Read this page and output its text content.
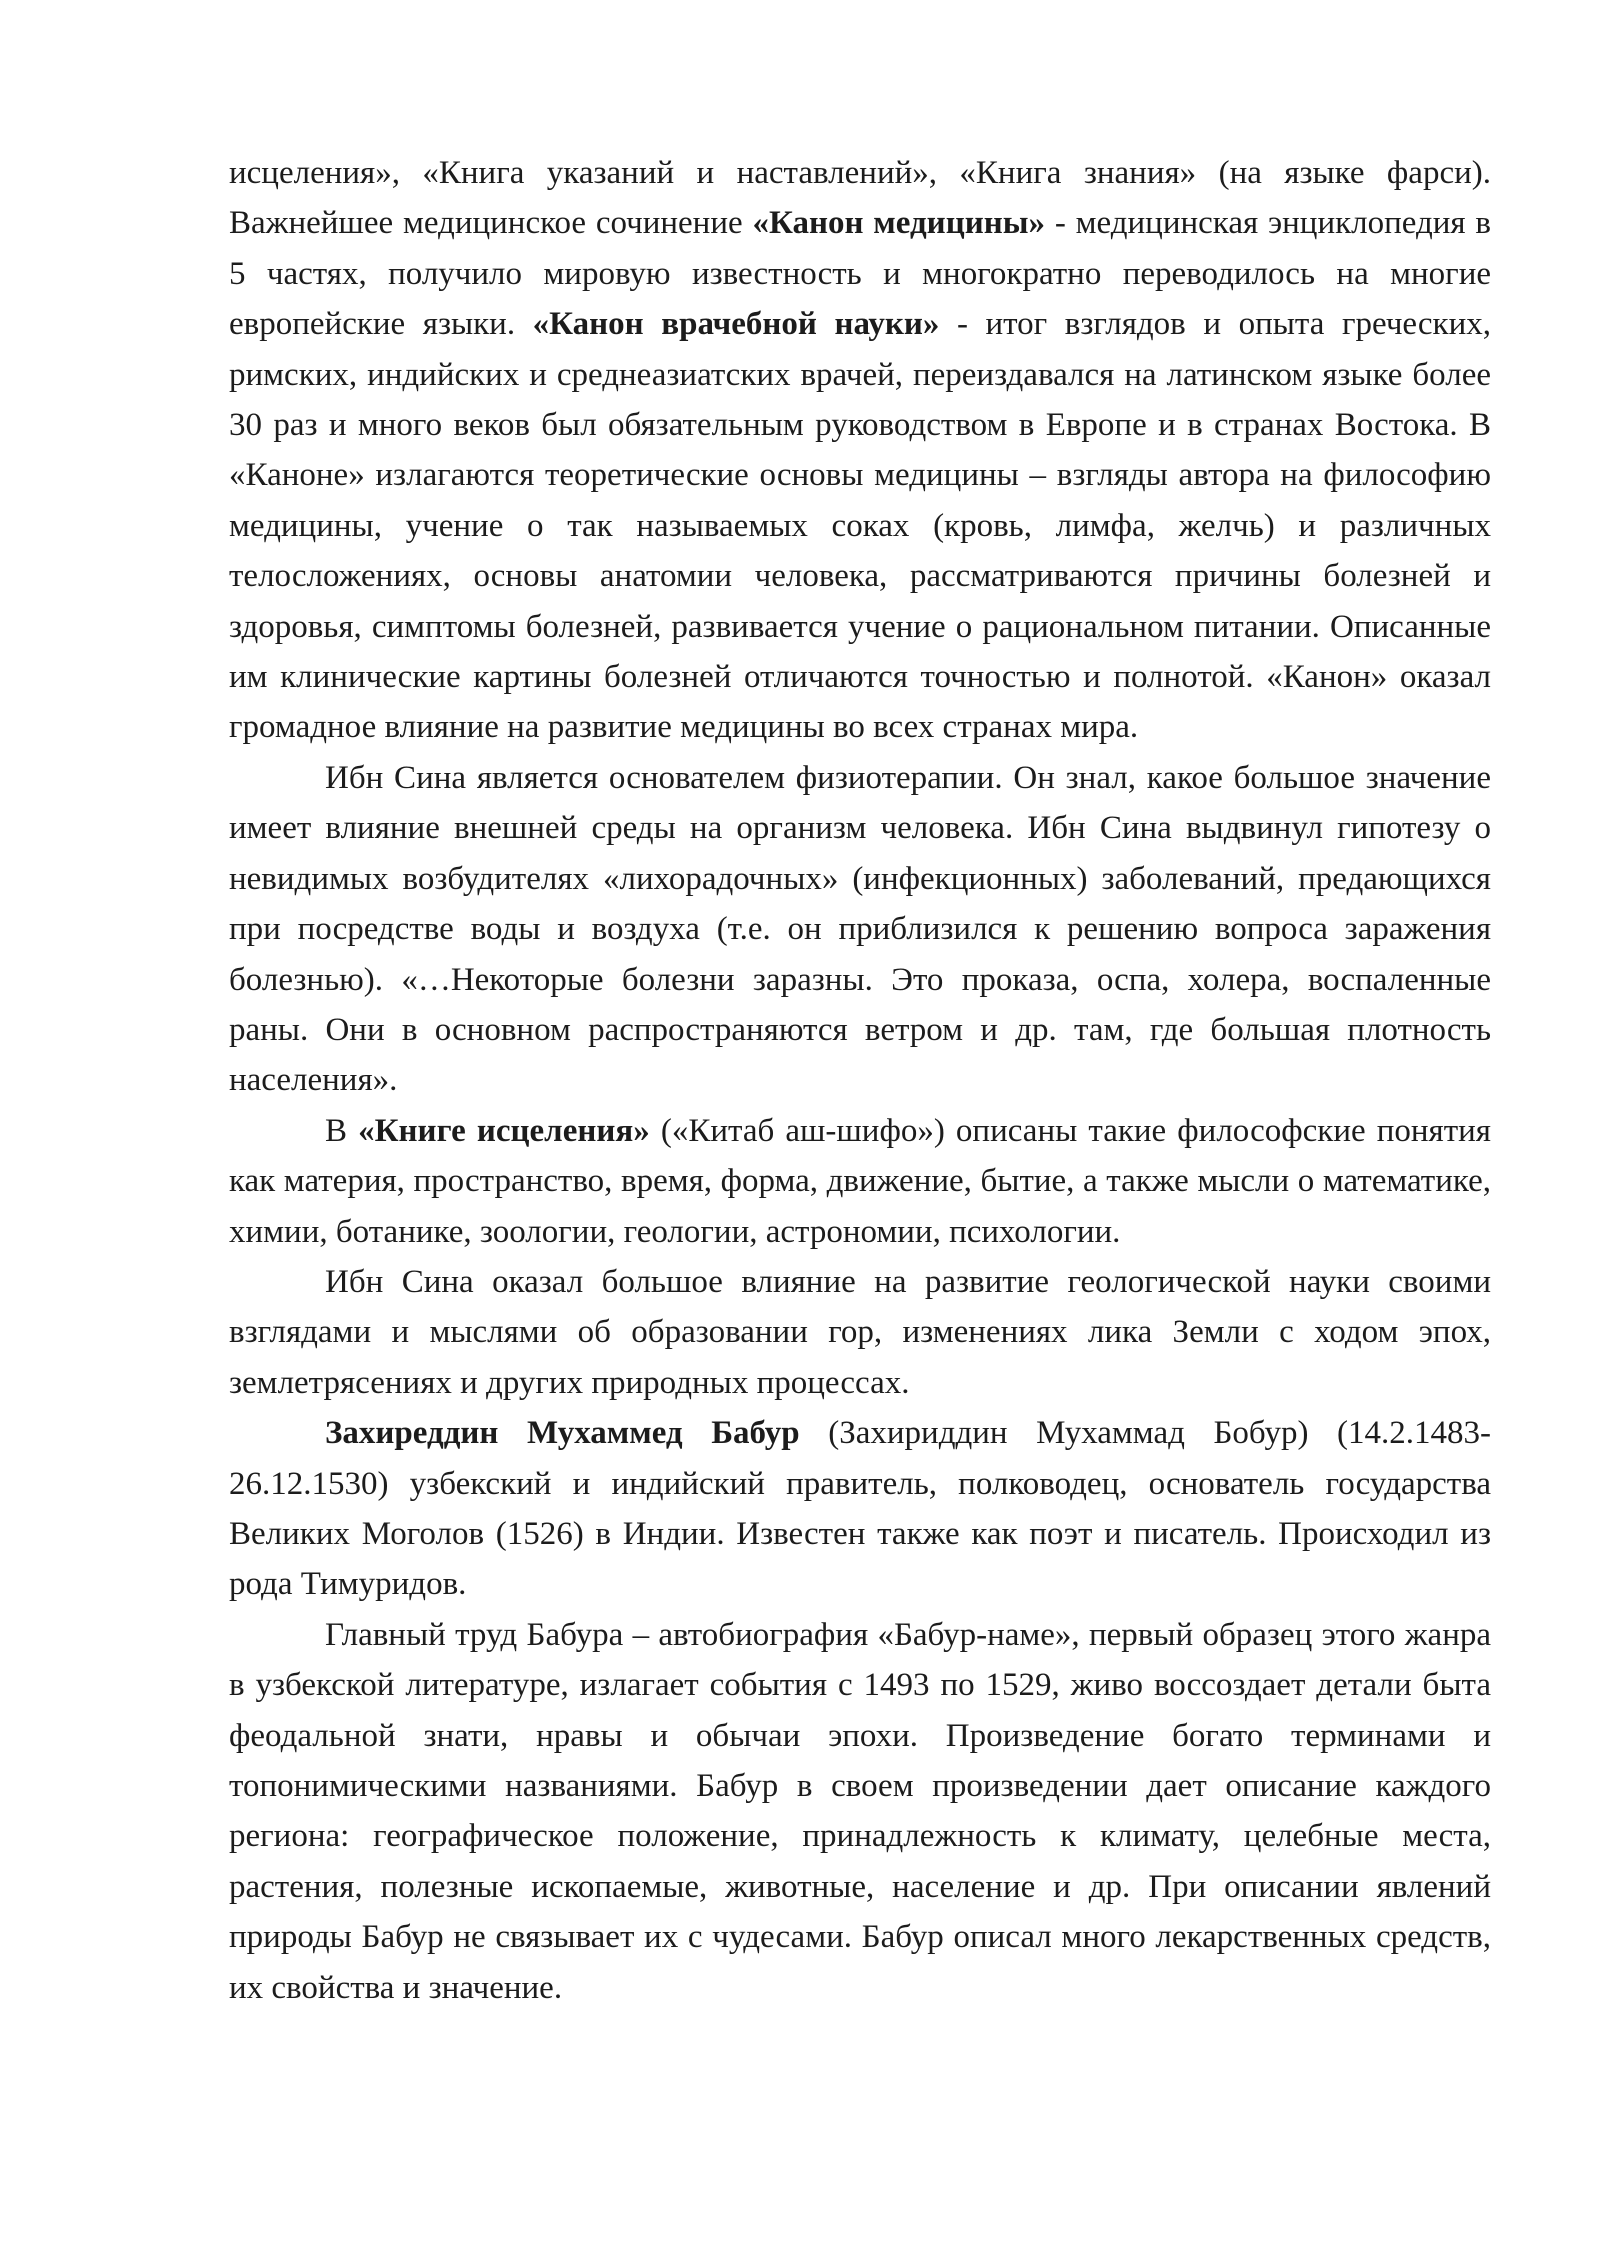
исцеления», «Книга указаний и наставлений», «Книга знания» (на языке фарси). Важнейшее медицинское сочинение «Канон медицины» - медицинская энциклопедия в 5 частях, получило мировую известность и многократно переводилось на многие европейские языки. «Канон врачебной науки» - итог взглядов и опыта греческих, римских, индийских и среднеазиатских врачей, переиздавался на латинском языке более 30 раз и много веков был обязательным руководством в Европе и в странах Востока. В «Каноне» излагаются теоретические основы медицины – взгляды автора на философию медицины, учение о так называемых соках (кровь, лимфа, желчь) и различных телосложениях, основы анатомии человека, рассматриваются причины болезней и здоровья, симптомы болезней, развивается учение о рациональном питании. Описанные им клинические картины болезней отличаются точностью и полнотой. «Канон» оказал громадное влияние на развитие медицины во всех странах мира.

Ибн Сина является основателем физиотерапии. Он знал, какое большое значение имеет влияние внешней среды на организм человека. Ибн Сина выдвинул гипотезу о невидимых возбудителях «лихорадочных» (инфекционных) заболеваний, предающихся при посредстве воды и воздуха (т.е. он приблизился к решению вопроса заражения болезнью). «…Некоторые болезни заразны. Это проказа, оспа, холера, воспаленные раны. Они в основном распространяются ветром и др. там, где большая плотность населения».

В «Книге исцеления» («Китаб аш-шифо») описаны такие философские понятия как материя, пространство, время, форма, движение, бытие, а также мысли о математике, химии, ботанике, зоологии, геологии, астрономии, психологии.

Ибн Сина оказал большое влияние на развитие геологической науки своими взглядами и мыслями об образовании гор, изменениях лика Земли с ходом эпох, землетрясениях и других природных процессах.

Захиреддин Мухаммед Бабур (Захириддин Мухаммад Бобур) (14.2.1483-26.12.1530) узбекский и индийский правитель, полководец, основатель государства Великих Моголов (1526) в Индии. Известен также как поэт и писатель. Происходил из рода Тимуридов.

Главный труд Бабура – автобиография «Бабур-наме», первый образец этого жанра в узбекской литературе, излагает события с 1493 по 1529, живо воссоздает детали быта феодальной знати, нравы и обычаи эпохи. Произведение богато терминами и топонимическими названиями. Бабур в своем произведении дает описание каждого региона: географическое положение, принадлежность к климату, целебные места, растения, полезные ископаемые, животные, население и др. При описании явлений природы Бабур не связывает их с чудесами. Бабур описал много лекарственных средств, их свойства и значение.
